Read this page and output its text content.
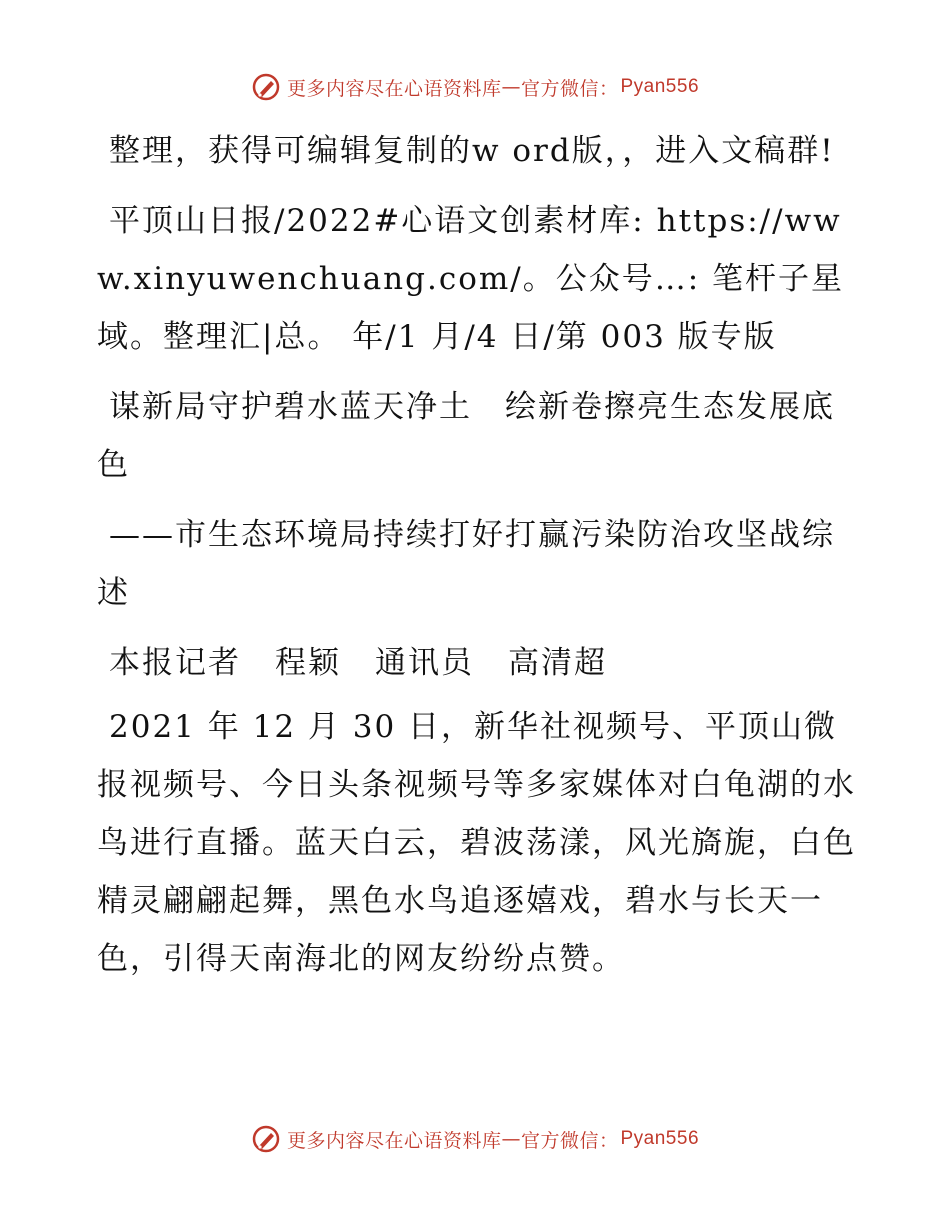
更多内容尽在心语资料库 — 官方微信： Pyan556

整理，获得可编辑复制的w ord版，，进入文稿群!

平顶山日报/2022#心语文创素材库: https://www.xinyuwenchuang.com/。公众号…: 笔杆子星域。整理汇|总。 年/1 月/4 日/第 003 版专版

谋新局守护碧水蓝天净土　绘新卷擦亮生态发展底色

——市生态环境局持续打好打赢污染防治攻坚战综述

本报记者 程颖 通讯员 高清超

2021 年 12 月 30 日，新华社视频号、平顶山微报视频号、今日头条视频号等多家媒体对白龟湖的水鸟进行直播。蓝天白云，碧波荡漾，风光旖旎，白色精灵翩翩起舞，黑色水鸟追逐嬉戏，碧水与长天一色，引得天南海北的网友纷纷点赞。

更多内容尽在心语资料库 — 官方微信： Pyan556
